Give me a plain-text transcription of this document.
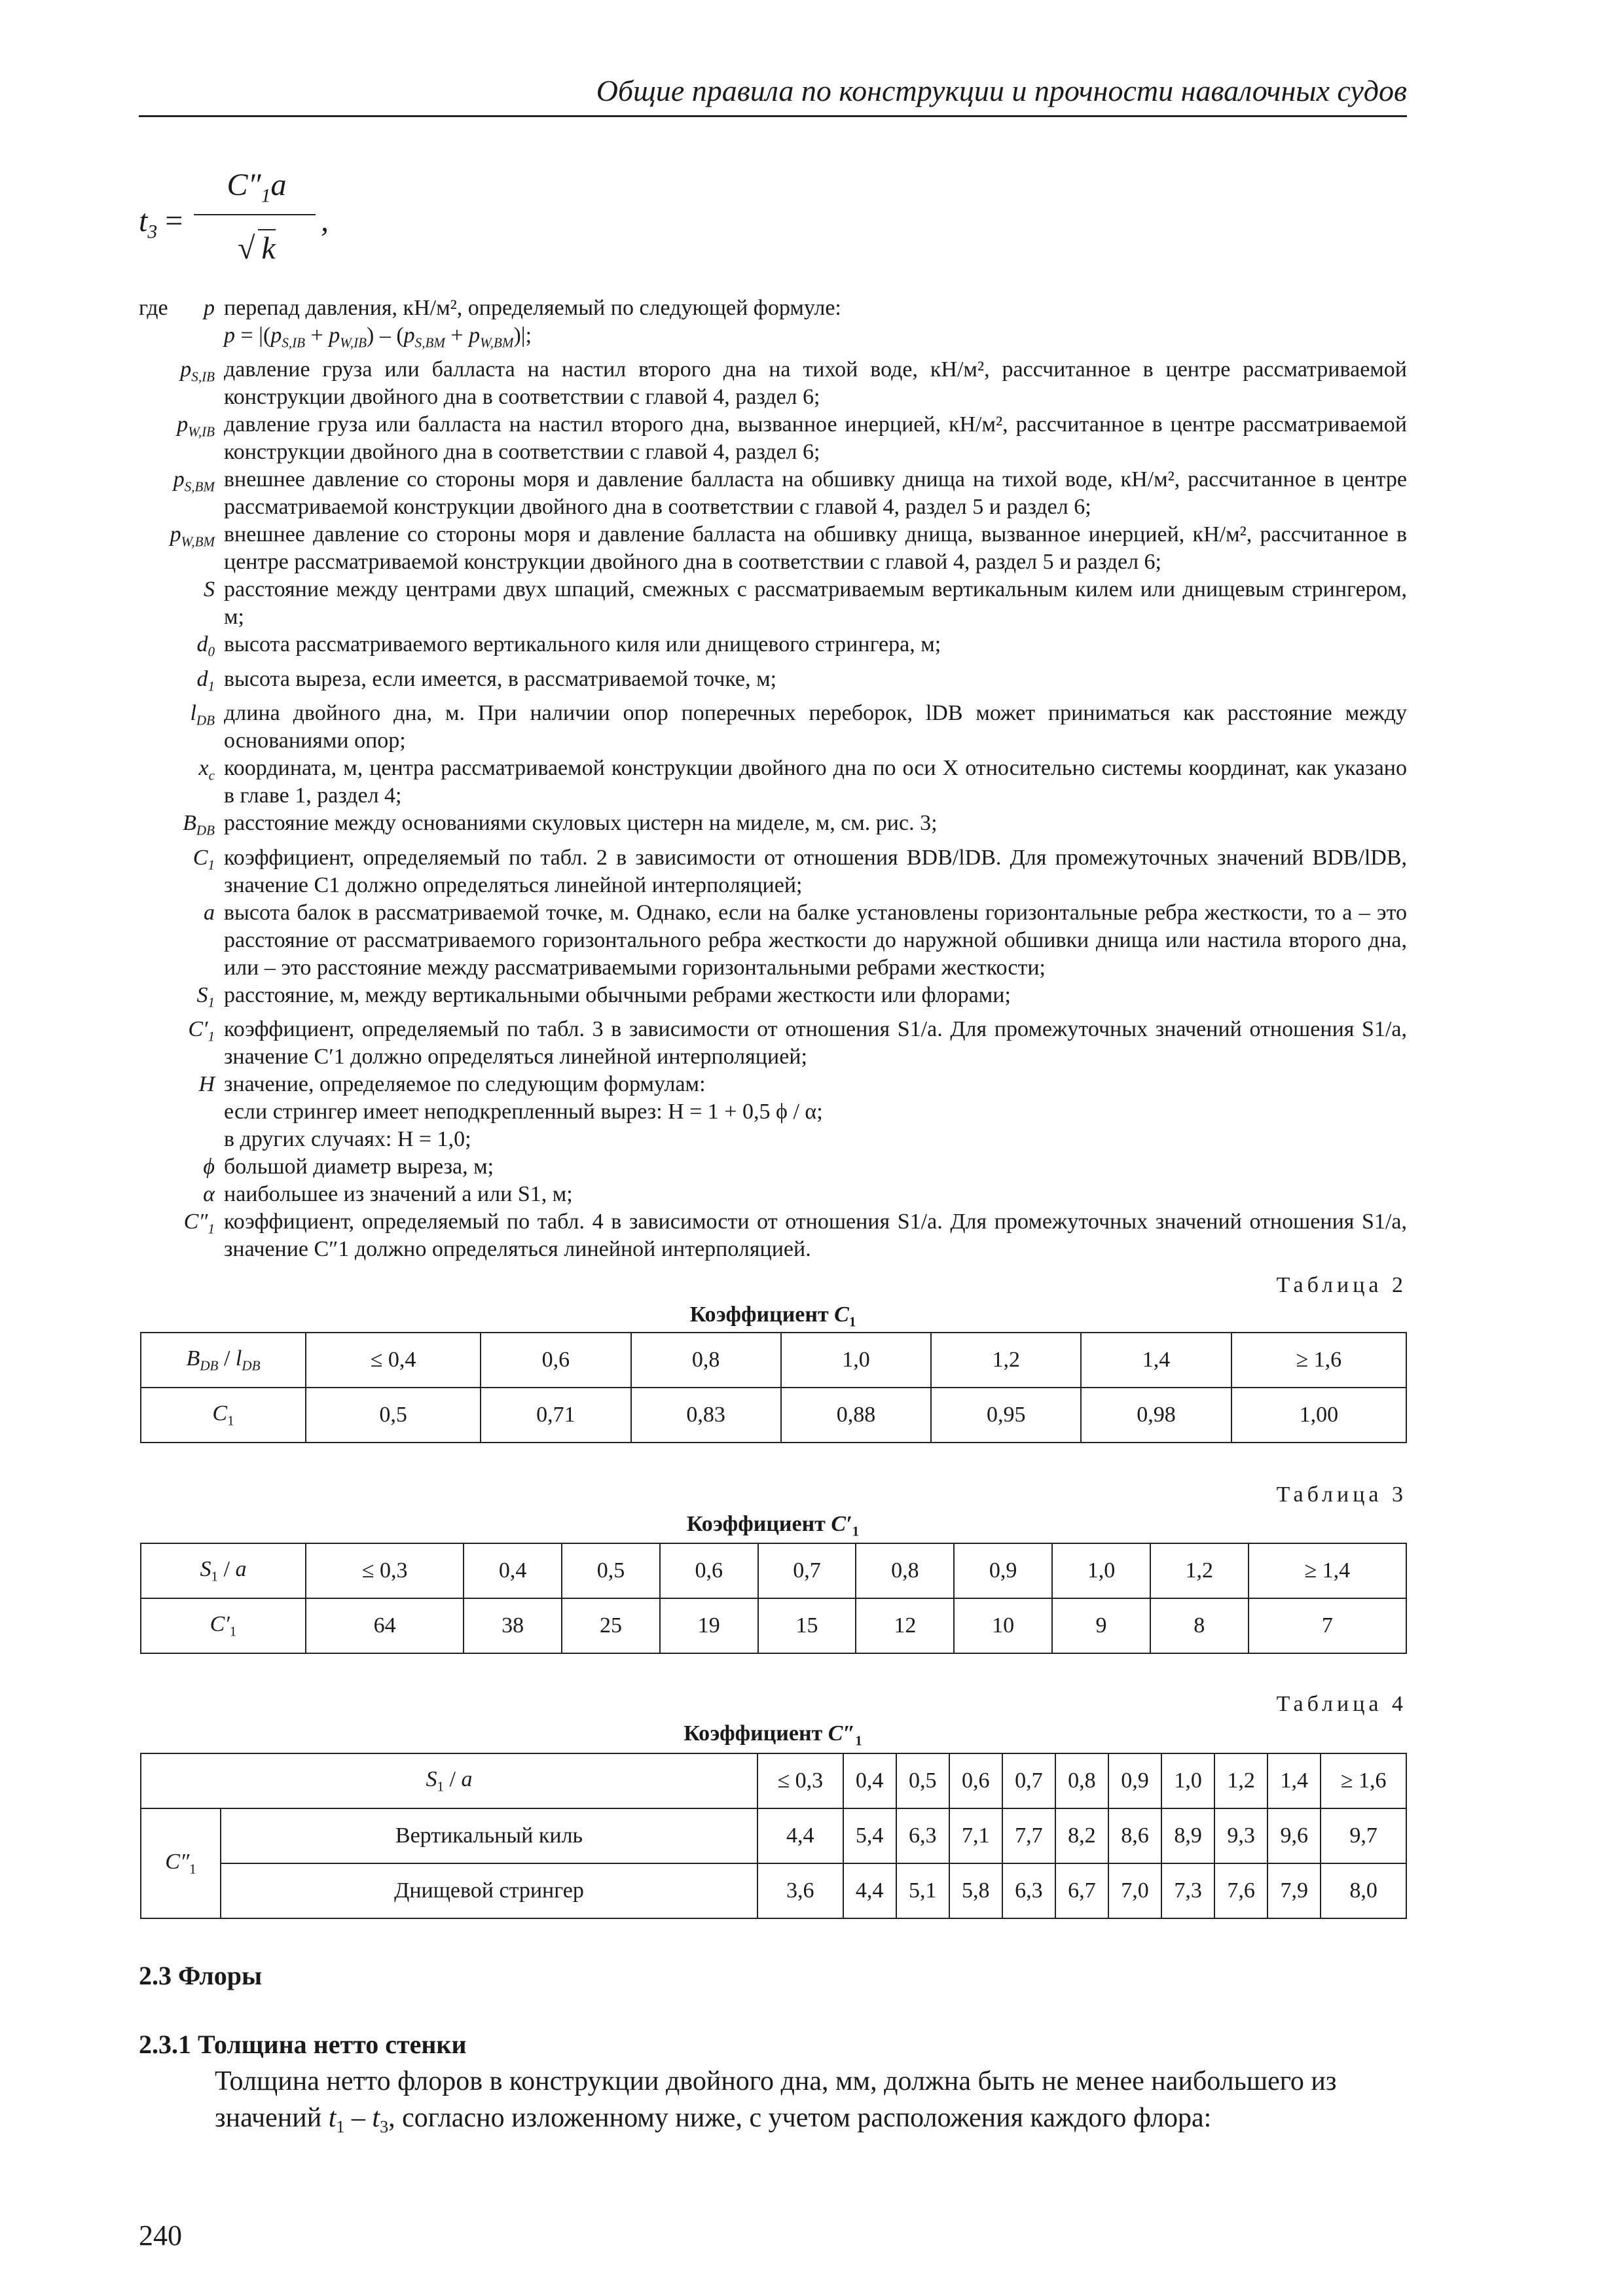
Общие правила по конструкции и прочности навалочных судов
$t_3$ =
$C''_1a$
√ k
,
где p перепад давления, кН/м², определяемый по следующей формуле:
$p = |(p_{S,IB} + p_{W,IB}) - (p_{S,BM} + p_{W,BM})|$;
$p_{S,IB}$ давление груза или балласта на настил второго дна на тихой воде, кН/м², рассчитанное в центре рассматриваемой конструкции двойного дна в соответствии с главой 4, раздел 6;
$p_{W,IB}$ давление груза или балласта на настил второго дна, вызванное инерцией, кН/м², рассчитанное в центре рассматриваемой конструкции двойного дна в соответствии с главой 4, раздел 6;
$p_{S,BM}$ внешнее давление со стороны моря и давление балласта на обшивку днища на тихой воде, кН/м², рассчитанное в центре рассматриваемой конструкции двойного дна в соответствии с главой 4, раздел 5 и раздел 6;
$p_{W,BM}$ внешнее давление со стороны моря и давление балласта на обшивку днища, вызванное инерцией, кН/м², рассчитанное в центре рассматриваемой конструкции двойного дна в соответствии с главой 4, раздел 5 и раздел 6;
S расстояние между центрами двух шпаций, смежных с рассматриваемым вертикальным килем или днищевым стрингером, м;
$d_0$ высота рассматриваемого вертикального киля или днищевого стрингера, м;
$d_1$ высота выреза, если имеется, в рассматриваемой точке, м;
$l_{DB}$ длина двойного дна, м. При наличии опор поперечных переборок, lDB может приниматься как расстояние между основаниями опор;
$x_c$ координата, м, центра рассматриваемой конструкции двойного дна по оси X относительно системы координат, как указано в главе 1, раздел 4;
$B_{DB}$ расстояние между основаниями скуловых цистерн на миделе, м, см. рис. 3;
$C_1$ коэффициент, определяемый по табл. 2 в зависимости от отношения BDB/lDB. Для промежуточных значений BDB/lDB, значение C1 должно определяться линейной интерполяцией;
a высота балок в рассматриваемой точке, м. Однако, если на балке установлены горизонтальные ребра жесткости, то a – это расстояние от рассматриваемого горизонтального ребра жесткости до наружной обшивки днища или настила второго дна, или – это расстояние между рассматриваемыми горизонтальными ребрами жесткости;
$S_1$ расстояние, м, между вертикальными обычными ребрами жесткости или флорами;
$C'_1$ коэффициент, определяемый по табл. 3 в зависимости от отношения S1/a. Для промежуточных значений отношения S1/a, значение C′1 должно определяться линейной интерполяцией;
H значение, определяемое по следующим формулам:
если стрингер имеет неподкрепленный вырез: H = 1 + 0,5 ϕ / α;
в других случаях: H = 1,0;
ϕ большой диаметр выреза, м;
α наибольшее из значений a или S1, м;
$C''_1$ коэффициент, определяемый по табл. 4 в зависимости от отношения S1/a. Для промежуточных значений отношения S1/a, значение C″1 должно определяться линейной интерполяцией.
Таблица 2
Коэффициент $C_1$
$B_{DB} / l_{DB}$	≤ 0,4	0,6	0,8	1,0	1,2	1,4	≥ 1,6
$C_1$	0,5	0,71	0,83	0,88	0,95	0,98	1,00
Таблица 3
Коэффициент $C'_1$
$S_1$ / a	≤ 0,3	0,4	0,5	0,6	0,7	0,8	0,9	1,0	1,2	≥ 1,4
$C'_1$	64	38	25	19	15	12	10	9	8	7
Таблица 4
Коэффициент $C''_1$
$S_1$ / a		≤ 0,3	0,4	0,5	0,6	0,7	0,8	0,9	1,0	1,2	1,4	≥ 1,6
$C''_1$	Вертикальный киль	4,4	5,4	6,3	7,1	7,7	8,2	8,6	8,9	9,3	9,6	9,7
	Днищевой стрингер	3,6	4,4	5,1	5,8	6,3	6,7	7,0	7,3	7,6	7,9	8,0
2.3 Флоры
2.3.1 Толщина нетто стенки
Толщина нетто флоров в конструкции двойного дна, мм, должна быть не менее наибольшего из
значений $t_1 - t_3$, согласно изложенному ниже, с учетом расположения каждого флора:
240
